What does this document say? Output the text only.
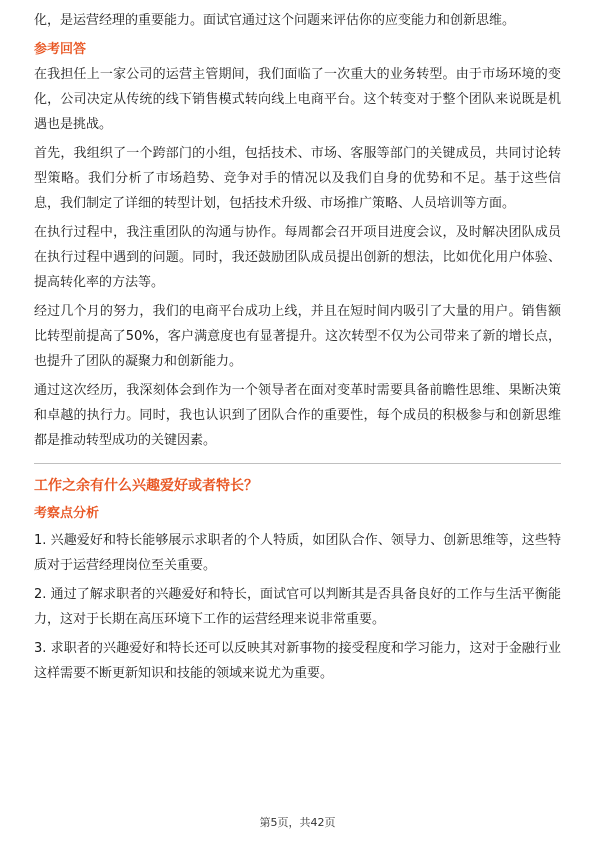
化，是运营经理的重要能力。面试官通过这个问题来评估你的应变能力和创新思维。

参考回答

在我担任上一家公司的运营主管期间，我们面临了一次重大的业务转型。由于市场环境的变化，公司决定从传统的线下销售模式转向线上电商平台。这个转变对于整个团队来说既是机遇也是挑战。

首先，我组织了一个跨部门的小组，包括技术、市场、客服等部门的关键成员，共同讨论转型策略。我们分析了市场趋势、竞争对手的情况以及我们自身的优势和不足。基于这些信息，我们制定了详细的转型计划，包括技术升级、市场推广策略、人员培训等方面。

在执行过程中，我注重团队的沟通与协作。每周都会召开项目进度会议，及时解决团队成员在执行过程中遇到的问题。同时，我还鼓励团队成员提出创新的想法，比如优化用户体验、提高转化率的方法等。

经过几个月的努力，我们的电商平台成功上线，并且在短时间内吸引了大量的用户。销售额比转型前提高了50%，客户满意度也有显著提升。这次转型不仅为公司带来了新的增长点，也提升了团队的凝聚力和创新能力。

通过这次经历，我深刻体会到作为一个领导者在面对变革时需要具备前瞻性思维、果断决策和卓越的执行力。同时，我也认识到了团队合作的重要性，每个成员的积极参与和创新思维都是推动转型成功的关键因素。

工作之余有什么兴趣爱好或者特长？

考察点分析

1. 兴趣爱好和特长能够展示求职者的个人特质，如团队合作、领导力、创新思维等，这些特质对于运营经理岗位至关重要。

2. 通过了解求职者的兴趣爱好和特长，面试官可以判断其是否具备良好的工作与生活平衡能力，这对于长期在高压环境下工作的运营经理来说非常重要。

3. 求职者的兴趣爱好和特长还可以反映其对新事物的接受程度和学习能力，这对于金融行业这样需要不断更新知识和技能的领域来说尤为重要。

第5页，共42页
